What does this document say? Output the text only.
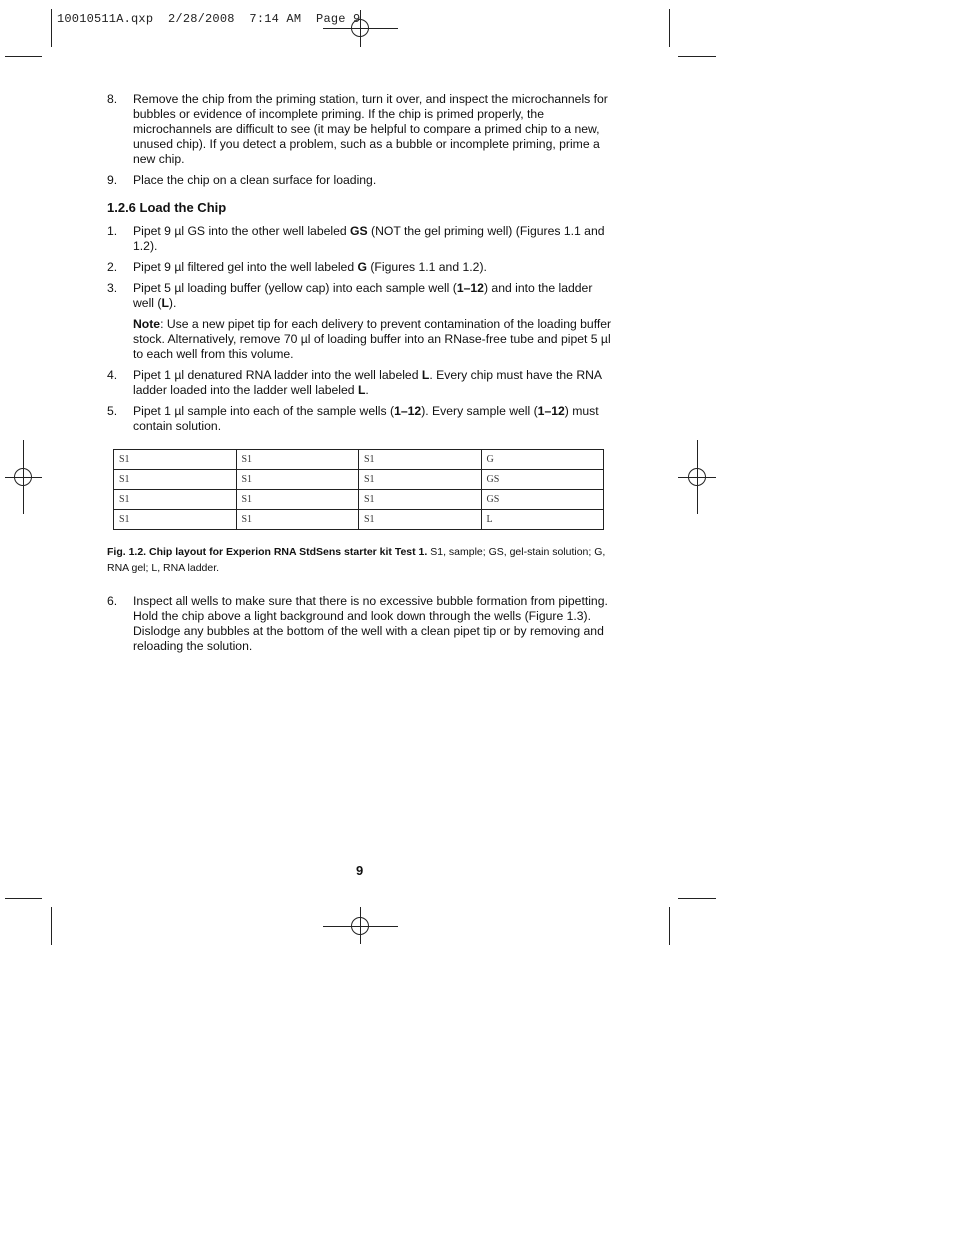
10010511A.qxp  2/28/2008  7:14 AM  Page 9
8. Remove the chip from the priming station, turn it over, and inspect the microchannels for bubbles or evidence of incomplete priming. If the chip is primed properly, the microchannels are difficult to see (it may be helpful to compare a primed chip to a new, unused chip). If you detect a problem, such as a bubble or incomplete priming, prime a new chip.
9. Place the chip on a clean surface for loading.
1.2.6 Load the Chip
1. Pipet 9 µl GS into the other well labeled GS (NOT the gel priming well) (Figures 1.1 and 1.2).
2. Pipet 9 µl filtered gel into the well labeled G (Figures 1.1 and 1.2).
3. Pipet 5 µl loading buffer (yellow cap) into each sample well (1–12) and into the ladder well (L).
Note: Use a new pipet tip for each delivery to prevent contamination of the loading buffer stock. Alternatively, remove 70 µl of loading buffer into an RNase-free tube and pipet 5 µl to each well from this volume.
4. Pipet 1 µl denatured RNA ladder into the well labeled L. Every chip must have the RNA ladder loaded into the ladder well labeled L.
5. Pipet 1 µl sample into each of the sample wells (1–12). Every sample well (1–12) must contain solution.
S1	S1	S1	G
S1	S1	S1	GS
S1	S1	S1	GS
S1	S1	S1	L
Fig. 1.2. Chip layout for Experion RNA StdSens starter kit Test 1. S1, sample; GS, gel-stain solution; G, RNA gel; L, RNA ladder.
6. Inspect all wells to make sure that there is no excessive bubble formation from pipetting. Hold the chip above a light background and look down through the wells (Figure 1.3). Dislodge any bubbles at the bottom of the well with a clean pipet tip or by removing and reloading the solution.
9
